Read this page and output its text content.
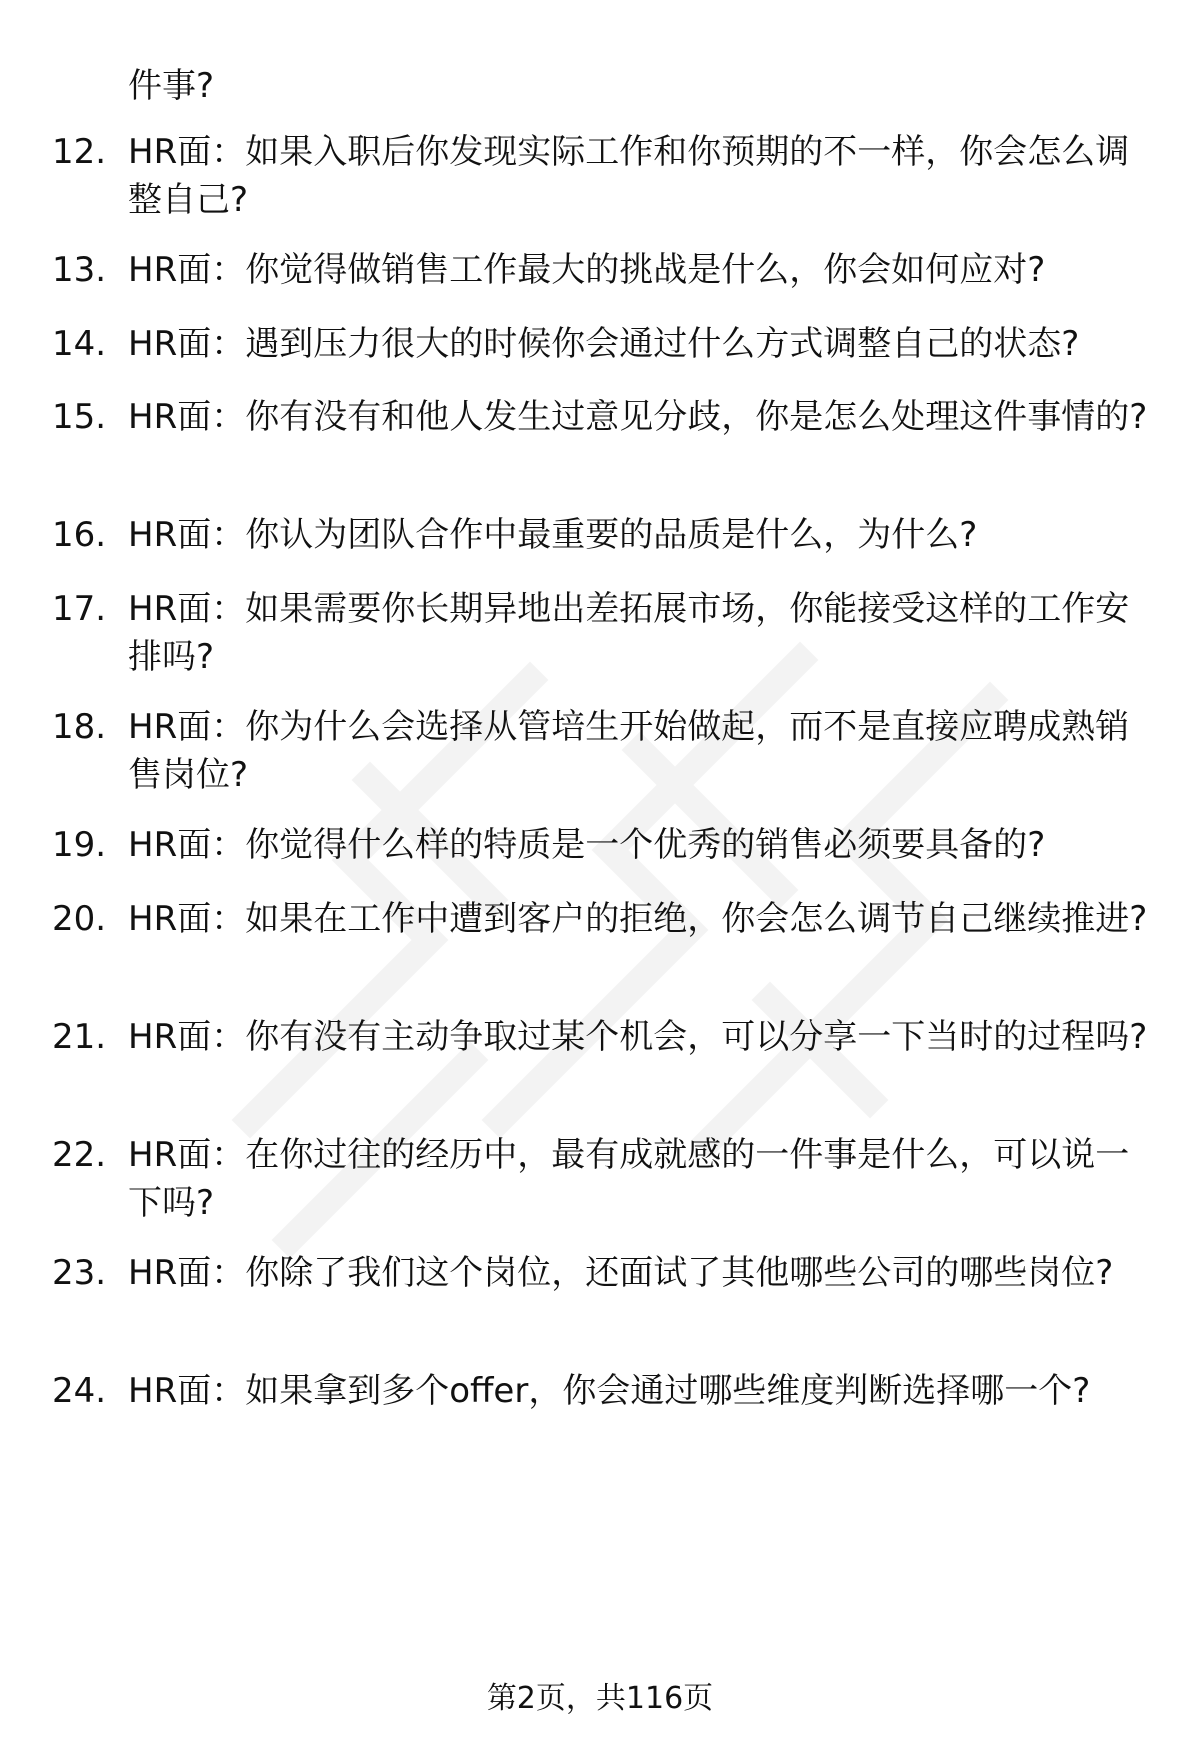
件事?
12. HR面：如果入职后你发现实际工作和你预期的不一样，你会怎么调整自己?
13. HR面：你觉得做销售工作最大的挑战是什么，你会如何应对?
14. HR面：遇到压力很大的时候你会通过什么方式调整自己的状态?
15. HR面：你有没有和他人发生过意见分歧，你是怎么处理这件事情的?
16. HR面：你认为团队合作中最重要的品质是什么，为什么?
17. HR面：如果需要你长期异地出差拓展市场，你能接受这样的工作安排吗?
18. HR面：你为什么会选择从管培生开始做起，而不是直接应聘成熟销售岗位?
19. HR面：你觉得什么样的特质是一个优秀的销售必须要具备的?
20. HR面：如果在工作中遭到客户的拒绝，你会怎么调节自己继续推进?
21. HR面：你有没有主动争取过某个机会，可以分享一下当时的过程吗?
22. HR面：在你过往的经历中，最有成就感的一件事是什么，可以说一下吗?
23. HR面：你除了我们这个岗位，还面试了其他哪些公司的哪些岗位?
24. HR面：如果拿到多个offer，你会通过哪些维度判断选择哪一个?
第2页，共116页
